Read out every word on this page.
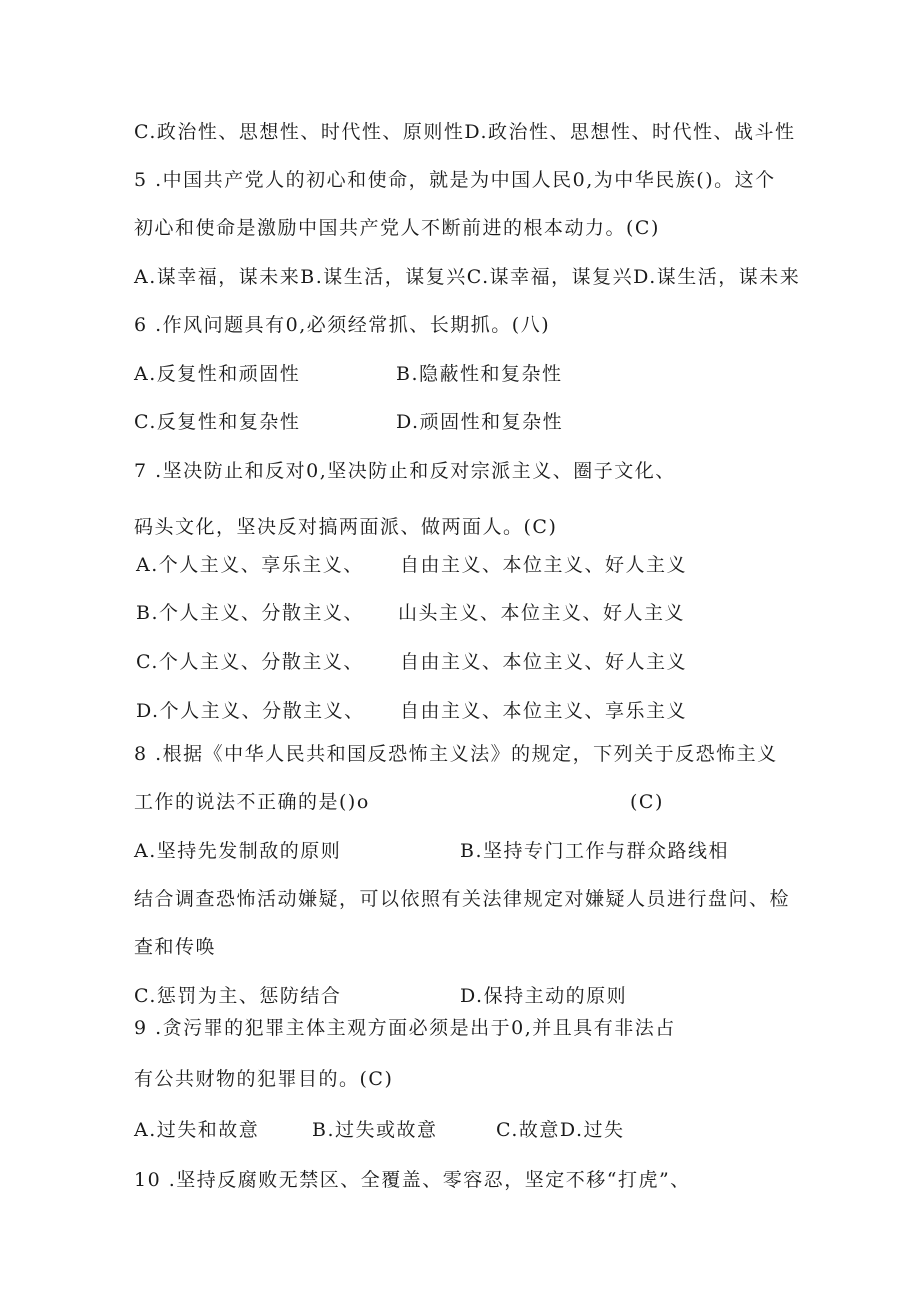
C.政治性、思想性、时代性、原则性D.政治性、思想性、时代性、战斗性
5 .中国共产党人的初心和使命，就是为中国人民0,为中华民族()。这个
初心和使命是激励中国共产党人不断前进的根本动力。(C)
A.谋幸福，谋未来B.谋生活，谋复兴C.谋幸福，谋复兴D.谋生活，谋未来
6 .作风问题具有0,必须经常抓、长期抓。(八)
A.反复性和顽固性	B.隐蔽性和复杂性
C.反复性和复杂性	D.顽固性和复杂性
7 .坚决防止和反对0,坚决防止和反对宗派主义、圈子文化、
码头文化，坚决反对搞两面派、做两面人。(C)
A.个人主义、享乐主义、 自由主义、本位主义、好人主义
B.个人主义、分散主义、 山头主义、本位主义、好人主义
C.个人主义、分散主义、 自由主义、本位主义、好人主义
D.个人主义、分散主义、 自由主义、本位主义、享乐主义
8 .根据《中华人民共和国反恐怖主义法》的规定，下列关于反恐怖主义
工作的说法不正确的是()o	(C)
A.坚持先发制敌的原则	B.坚持专门工作与群众路线相
结合调查恐怖活动嫌疑，可以依照有关法律规定对嫌疑人员进行盘问、检
查和传唤
C.惩罚为主、惩防结合	D.保持主动的原则
9 .贪污罪的犯罪主体主观方面必须是出于0,并且具有非法占
有公共财物的犯罪目的。(C)
A.过失和故意	B.过失或故意	C.故意D.过失
10 .坚持反腐败无禁区、全覆盖、零容忍，坚定不移“打虎”、
